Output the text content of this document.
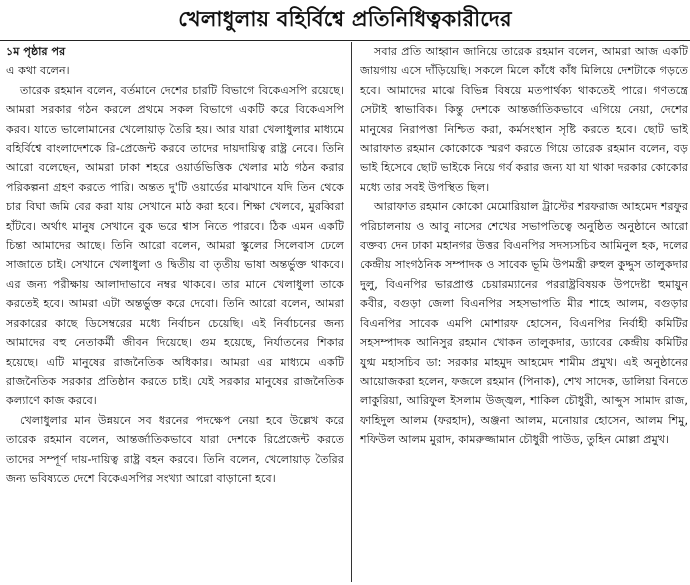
খেলাধুলায় বহির্বিশ্বে প্রতিনিধিত্বকারীদের
১ম পৃষ্ঠার পর

এ কথা বলেন।

তারেক রহমান বলেন, বর্তমানে দেশের চারটি বিভাগে বিকেএসপি রয়েছে। আমরা সরকার গঠন করলে প্রথমে সকল বিভাগে একটি করে বিকেএসপি করব। যাতে ভালোমানের খেলোয়াড় তৈরি হয়। আর যারা খেলাধুলার মাধ্যমে বহির্বিশ্বে বাংলাদেশকে রি-প্রেজেন্ট করবে তাদের দায়দায়িত্ব রাষ্ট্র নেবে। তিনি আরো বলেছেন, আমরা ঢাকা শহরে ওয়ার্ডভিত্তিক খেলার মাঠ গঠন করার পরিকল্পনা গ্রহণ করতে পারি। অন্তত দু'টি ওয়ার্ডের মাঝখানে যদি তিন থেকে চার বিঘা জমি বের করা যায় সেখানে মাঠ করা হবে। শিক্ষা খেলবে, মুরব্বিরা হাঁটবে। অর্থাৎ মানুষ সেখানে বুক ভরে শ্বাস নিতে পারবে। ঠিক এমন একটি চিন্তা আমাদের আছে। তিনি আরো বলেন, আমরা স্কুলের সিলেবাস ঢেলে সাজাতে চাই। সেখানে খেলাধুলা ও দ্বিতীয় বা তৃতীয় ভাষা অন্তর্ভুক্ত থাকবে। এর জন্য পরীক্ষায় আলাদাভাবে নম্বর থাকবে। তার মানে খেলাধুলা তাকে করতেই হবে। আমরা এটা অন্তর্ভুক্ত করে দেবো। তিনি আরো বলেন, আমরা সরকারের কাছে ডিসেম্বরের মধ্যে নির্বাচন চেয়েছি। এই নির্বাচনের জন্য আমাদের বহু নেতাকর্মী জীবন দিয়েছে। গুম হয়েছে, নির্যাতনের শিকার হয়েছে। এটি মানুষের রাজনৈতিক অধিকার। আমরা এর মাধ্যমে একটি রাজনৈতিক সরকার প্রতিষ্ঠান করতে চাই। যেই সরকার মানুষের রাজনৈতিক কল্যাণে কাজ করবে।

খেলাধুলার মান উন্নয়নে সব ধরনের পদক্ষেপ নেয়া হবে উল্লেখ করে তারেক রহমান বলেন, আন্তর্জাতিকভাবে যারা দেশকে রিপ্রেজেন্ট করতে তাদের সম্পূর্ণ দায়-দায়িত্ব রাষ্ট্র বহন করবে। তিনি বলেন, খেলোয়াড় তৈরির জন্য ভবিষ্যতে দেশে বিকেএসপির সংখ্যা আরো বাড়ানো হবে।

সবার প্রতি আহ্বান জানিয়ে তারেক রহমান বলেন, আমরা আজ একটি জায়গায় এসে দাঁড়িয়েছি। সকলে মিলে কাঁধে কাঁধ মিলিয়ে দেশটাকে গড়তে হবে। আমাদের মাঝে বিভিন্ন বিষয়ে মতপার্থক্য থাকতেই পারে। গণতন্ত্রে সেটাই স্বাভাবিক। কিন্তু দেশকে আন্তর্জাতিকভাবে এগিয়ে নেয়া, দেশের মানুষের নিরাপত্তা নিশ্চিত করা, কর্মসংস্থান সৃষ্টি করতে হবে। ছোট ভাই আরাফাত রহমান কোকোকে স্মরণ করতে গিয়ে তারেক রহমান বলেন, বড় ভাই হিসেবে ছোট ভাইকে নিয়ে গর্ব করার জন্য যা যা থাকা দরকার কোকোর মধ্যে তার সবই উপস্থিত ছিল।

আরাফাত রহমান কোকো মেমোরিয়াল ট্রাস্টের শরফরাজ আহমেদ শরফুর পরিচালনায় ও আবু নাসের শেখের সভাপতিত্বে অনুষ্ঠিত অনুষ্ঠানে আরো বক্তব্য দেন ঢাকা মহানগর উত্তর বিএনপির সদস্যসচিব আমিনুল হক, দলের কেন্দ্রীয় সাংগঠনিক সম্পাদক ও সাবেক ভূমি উপমন্ত্রী রুহুল কুদ্দুস তালুকদার দুলু, বিএনপির ভারপ্রাপ্ত চেয়ারম্যানের পররাষ্ট্রবিষয়ক উপদেষ্টা হুমায়ুন কবীর, বগুড়া জেলা বিএনপির সহসভাপতি মীর শাহে আলম, বগুড়ার বিএনপির সাবেক এমপি মোশারফ হোসেন, বিএনপির নির্বাহী কমিটির সহসম্পাদক আনিসুর রহমান খোকন তালুকদার, ড্যাবের কেন্দ্রীয় কমিটির যুগ্ম মহাসচিব ডা: সরকার মাহমুদ আহমেদ শামীম প্রমুখ। এই অনুষ্ঠানের আয়োজকরা হলেন, ফজলে রহমান (পিনাক), শেখ সাদেক, ডালিয়া বিনতে লাকুরিয়া, আরিফুল ইসলাম উজ্জ্বল, শাকিল চৌধুরী, আব্দুস সামাদ রাজ, ফাহিদুল আলম (ফরহাদ), অঞ্জনা আলম, মনোয়ার হোসেন, আলম শিমু, শফিউল আলম মুরাদ, কামরুজ্জামান চৌধুরী পাউড, তুহিন মোল্লা প্রমুখ।
